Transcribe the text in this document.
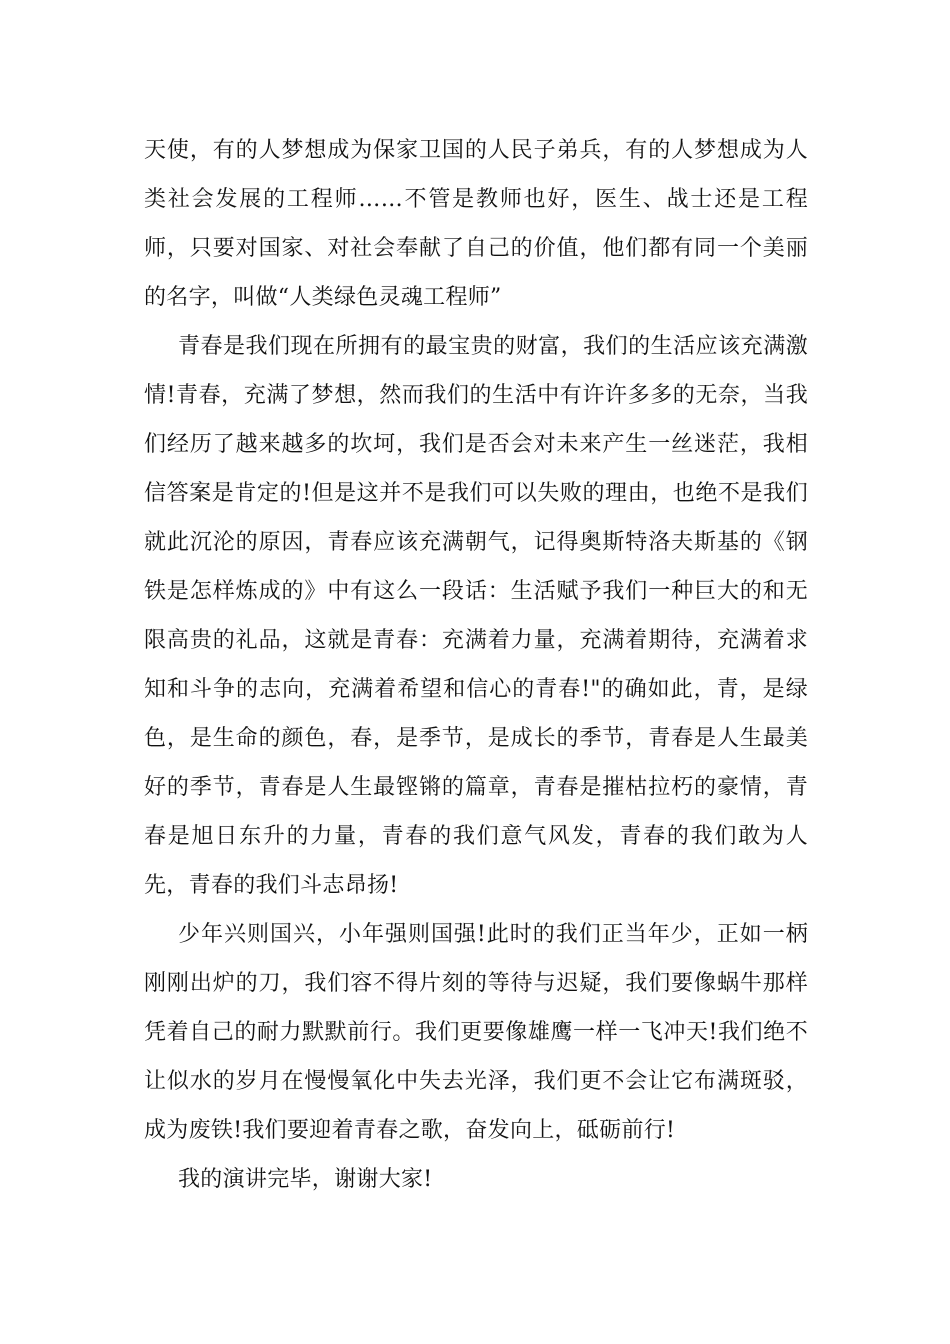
天使，有的人梦想成为保家卫国的人民子弟兵，有的人梦想成为人
类社会发展的工程师……不管是教师也好，医生、战士还是工程
师，只要对国家、对社会奉献了自己的价值，他们都有同一个美丽
的名字，叫做“人类绿色灵魂工程师”
青春是我们现在所拥有的最宝贵的财富，我们的生活应该充满激
情!青春，充满了梦想，然而我们的生活中有许许多多的无奈，当我
们经历了越来越多的坎坷，我们是否会对未来产生一丝迷茫，我相
信答案是肯定的!但是这并不是我们可以失败的理由，也绝不是我们
就此沉沦的原因，青春应该充满朝气，记得奥斯特洛夫斯基的《钢
铁是怎样炼成的》中有这么一段话：生活赋予我们一种巨大的和无
限高贵的礼品，这就是青春：充满着力量，充满着期待，充满着求
知和斗争的志向，充满着希望和信心的青春!"的确如此，青，是绿
色，是生命的颜色，春，是季节，是成长的季节，青春是人生最美
好的季节，青春是人生最铿锵的篇章，青春是摧枯拉朽的豪情，青
春是旭日东升的力量，青春的我们意气风发，青春的我们敢为人
先，青春的我们斗志昂扬!
少年兴则国兴，小年强则国强!此时的我们正当年少，正如一柄
刚刚出炉的刀，我们容不得片刻的等待与迟疑，我们要像蜗牛那样
凭着自己的耐力默默前行。我们更要像雄鹰一样一飞冲天!我们绝不
让似水的岁月在慢慢氧化中失去光泽，我们更不会让它布满斑驳，
成为废铁!我们要迎着青春之歌，奋发向上，砥砺前行!
我的演讲完毕，谢谢大家!
